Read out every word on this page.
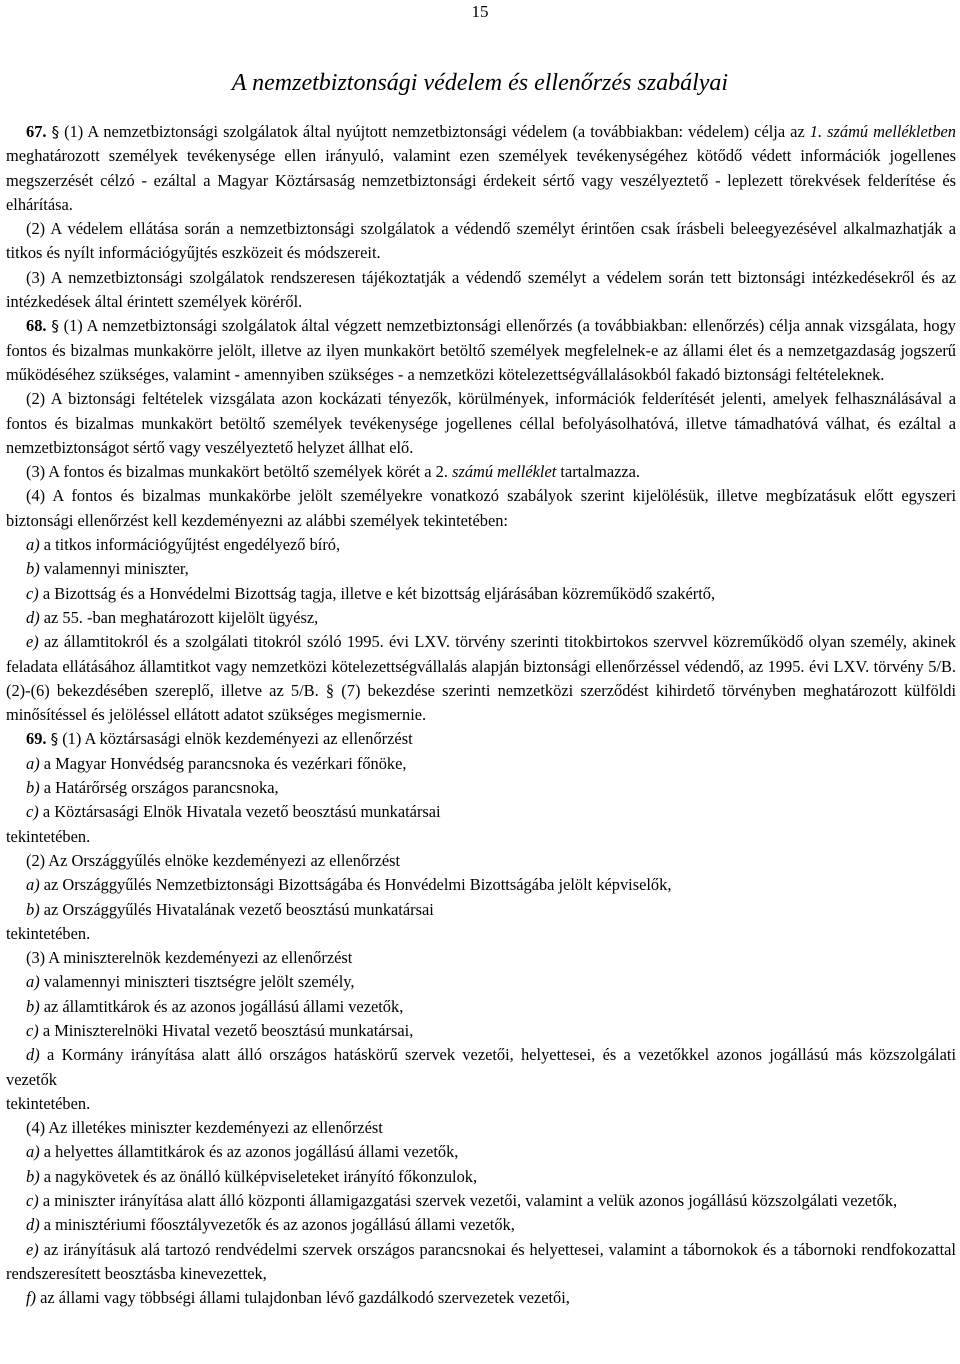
15
A nemzetbiztonsági védelem és ellenőrzés szabályai

67. § (1) A nemzetbiztonsági szolgálatok által nyújtott nemzetbiztonsági védelem (a továbbiakban: védelem) célja az 1. számú mellékletben meghatározott személyek tevékenysége ellen irányuló, valamint ezen személyek tevékenységéhez kötődő védett információk jogellenes megszerzését célzó - ezáltal a Magyar Köztársaság nemzetbiztonsági érdekeit sértő vagy veszélyeztető - leplezett törekvések felderítése és elhárítása.

(2) A védelem ellátása során a nemzetbiztonsági szolgálatok a védendő személyt érintően csak írásbeli beleegyezésével alkalmazhatják a titkos és nyílt információgyűjtés eszközeit és módszereit.

(3) A nemzetbiztonsági szolgálatok rendszeresen tájékoztatják a védendő személyt a védelem során tett biztonsági intézkedésekről és az intézkedések által érintett személyek köréről.

68. § (1) A nemzetbiztonsági szolgálatok által végzett nemzetbiztonsági ellenőrzés (a továbbiakban: ellenőrzés) célja annak vizsgálata, hogy fontos és bizalmas munkakörre jelölt, illetve az ilyen munkakört betöltő személyek megfelelnek-e az állami élet és a nemzetgazdaság jogszerű működéséhez szükséges, valamint - amennyiben szükséges - a nemzetközi kötelezettségvállalásokból fakadó biztonsági feltételeknek.

(2) A biztonsági feltételek vizsgálata azon kockázati tényezők, körülmények, információk felderítését jelenti, amelyek felhasználásával a fontos és bizalmas munkakört betöltő személyek tevékenysége jogellenes céllal befolyásolhatóvá, illetve támadhatóvá válhat, és ezáltal a nemzetbiztonságot sértő vagy veszélyeztető helyzet állhat elő.

(3) A fontos és bizalmas munkakört betöltő személyek körét a 2. számú melléklet tartalmazza.

(4) A fontos és bizalmas munkakörbe jelölt személyekre vonatkozó szabályok szerint kijelölésük, illetve megbízatásuk előtt egyszeri biztonsági ellenőrzést kell kezdeményezni az alábbi személyek tekintetében:

a) a titkos információgyűjtést engedélyező bíró,

b) valamennyi miniszter,

c) a Bizottság és a Honvédelmi Bizottság tagja, illetve e két bizottság eljárásában közreműködő szakértő,

d) az 55. -ban meghatározott kijelölt ügyész,

e) az államtitokról és a szolgálati titokról szóló 1995. évi LXV. törvény szerinti titokbirtokos szervvel közreműködő olyan személy, akinek feladata ellátásához államtitkot vagy nemzetközi kötelezettségvállalás alapján biztonsági ellenőrzéssel védendő, az 1995. évi LXV. törvény 5/B. (2)-(6) bekezdésében szereplő, illetve az 5/B. § (7) bekezdése szerinti nemzetközi szerződést kihirdető törvényben meghatározott külföldi minősítéssel és jelöléssel ellátott adatot szükséges megismernie.

69. § (1) A köztársasági elnök kezdeményezi az ellenőrzést

a) a Magyar Honvédség parancsnoka és vezérkari főnöke,

b) a Határőrség országos parancsnoka,

c) a Köztársasági Elnök Hivatala vezető beosztású munkatársai

tekintetében.

(2) Az Országgyűlés elnöke kezdeményezi az ellenőrzést

a) az Országgyűlés Nemzetbiztonsági Bizottságába és Honvédelmi Bizottságába jelölt képviselők,

b) az Országgyűlés Hivatalának vezető beosztású munkatársai

tekintetében.

(3) A miniszterelnök kezdeményezi az ellenőrzést

a) valamennyi miniszteri tisztségre jelölt személy,

b) az államtitkárok és az azonos jogállású állami vezetők,

c) a Miniszterelnöki Hivatal vezető beosztású munkatársai,

d) a Kormány irányítása alatt álló országos hatáskörű szervek vezetői, helyettesei, és a vezetőkkel azonos jogállású más közszolgálati vezetők

tekintetében.

(4) Az illetékes miniszter kezdeményezi az ellenőrzést

a) a helyettes államtitkárok és az azonos jogállású állami vezetők,

b) a nagykövetek és az önálló külképviseleteket irányító főkonzulok,

c) a miniszter irányítása alatt álló központi államigazgatási szervek vezetői, valamint a velük azonos jogállású közszolgálati vezetők,

d) a minisztériumi főosztályvezetők és az azonos jogállású állami vezetők,

e) az irányításuk alá tartozó rendvédelmi szervek országos parancsnokai és helyettesei, valamint a tábornokok és a tábornoki rendfokozattal rendszeresített beosztásba kinevezettek,

f) az állami vagy többségi állami tulajdonban lévő gazdálkodó szervezetek vezetői,
